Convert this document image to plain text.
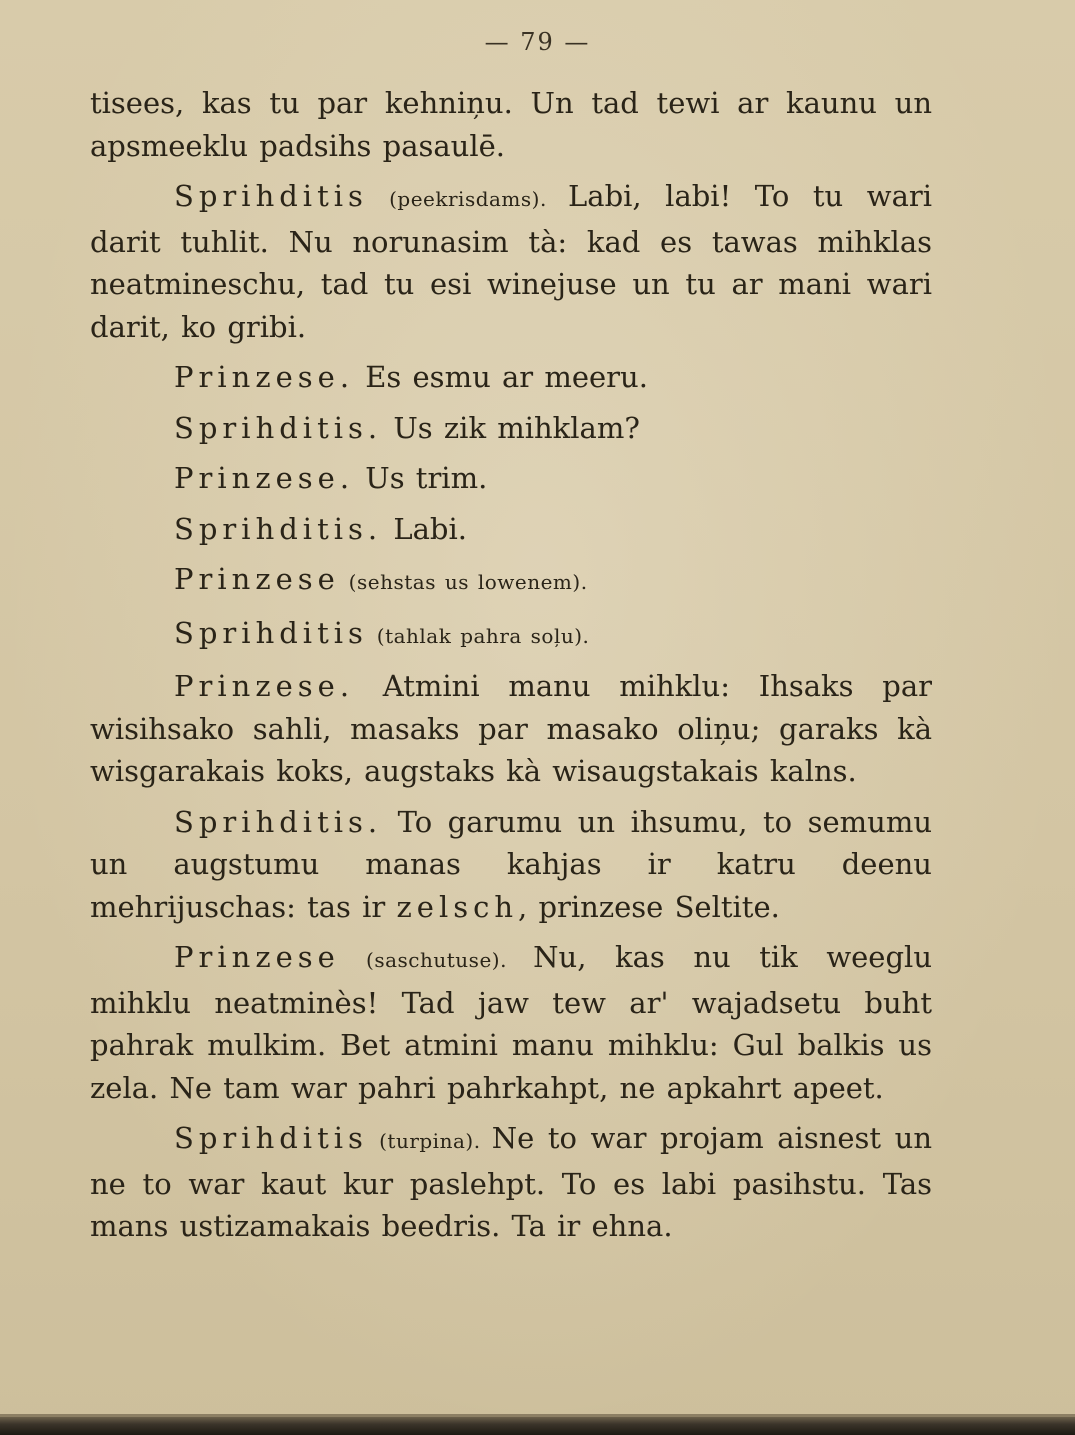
— 79 —

tisees, kas tu par kehniņu. Un tad tewi ar kaunu un apsmeeklu padsihs pasaulē.

Sprihditis (peekrisdams). Labi, labi! To tu wari darit tuhlit. Nu norunasim tà: kad es tawas mihklas neatmineschu, tad tu esi winejuse un tu ar mani wari darit, ko gribi.

Prinzese. Es esmu ar meeru.

Sprihditis. Us zik mihklam?

Prinzese. Us trim.

Sprihditis. Labi.

Prinzese (sehstas us lowenem).

Sprihditis (tahlak pahra soļu).

Prinzese. Atmini manu mihklu: Ihsaks par wisihsako sahli, masaks par masako oliņu; garaks kà wisgarakais koks, augstaks kà wisaugstakais kalns.

Sprihditis. To garumu un ihsumu, to semumu un augstumu manas kahjas ir katru deenu mehrijuschas: tas ir zelsch, prinzese Seltite.

Prinzese (saschutuse). Nu, kas nu tik weeglu mihklu neatminès! Tad jaw tew ar' wajadsetu buht pahrak mulkim. Bet atmini manu mihklu: Gul balkis us zela. Ne tam war pahri pahrkahpt, ne apkahrt apeet.

Sprihditis (turpina). Ne to war projam aisnest un ne to war kaut kur paslehpt. To es labi pasihstu. Tas mans ustizamakais beedris. Ta ir ehna.
